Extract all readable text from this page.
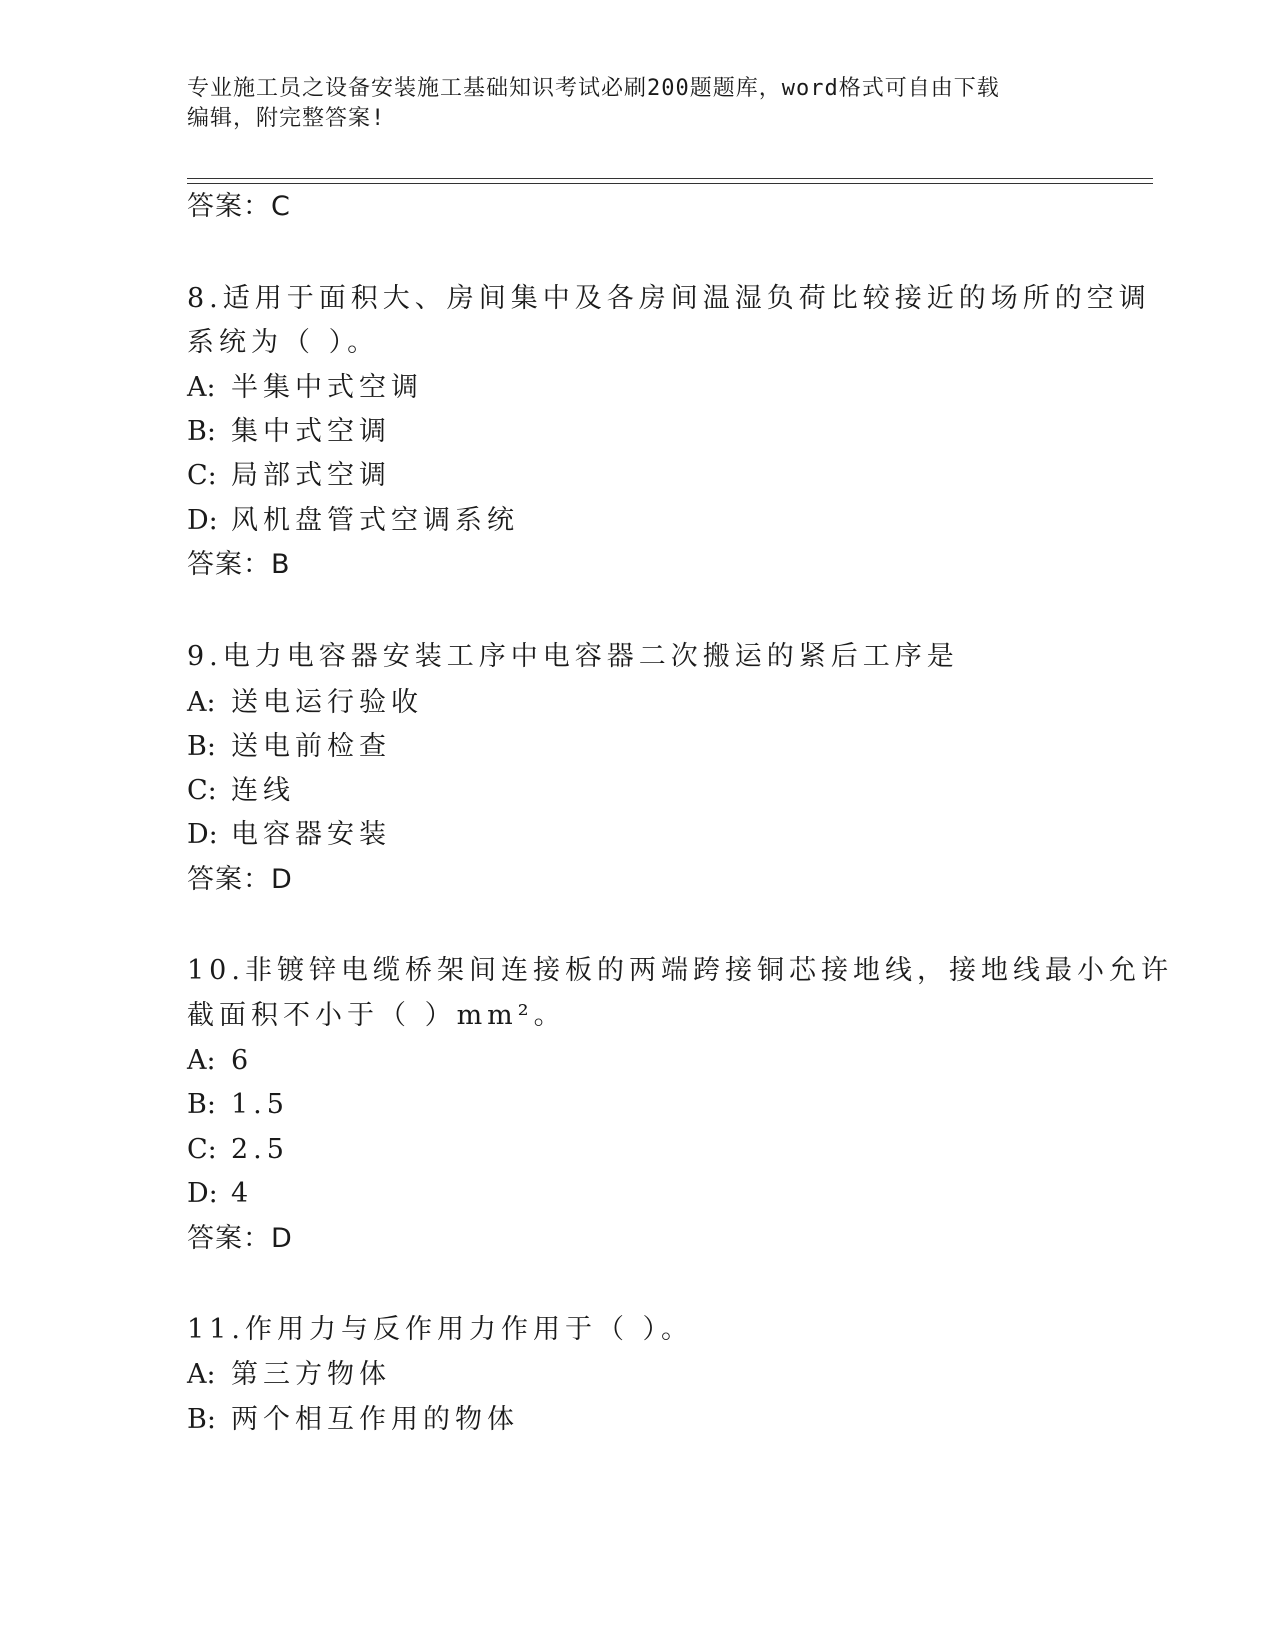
专业施工员之设备安装施工基础知识考试必刷200题题库，word格式可自由下载
编辑，附完整答案!
答案：C
8.适用于面积大、房间集中及各房间温湿负荷比较接近的场所的空调
系统为（ ）。
A: 半集中式空调
B: 集中式空调
C: 局部式空调
D: 风机盘管式空调系统
答案：B
9.电力电容器安装工序中电容器二次搬运的紧后工序是
A: 送电运行验收
B: 送电前检查
C: 连线
D: 电容器安装
答案：D
10.非镀锌电缆桥架间连接板的两端跨接铜芯接地线，接地线最小允许
截面积不小于（ ）mm²。
A: 6
B: 1.5
C: 2.5
D: 4
答案：D
11.作用力与反作用力作用于（ ）。
A: 第三方物体
B: 两个相互作用的物体
